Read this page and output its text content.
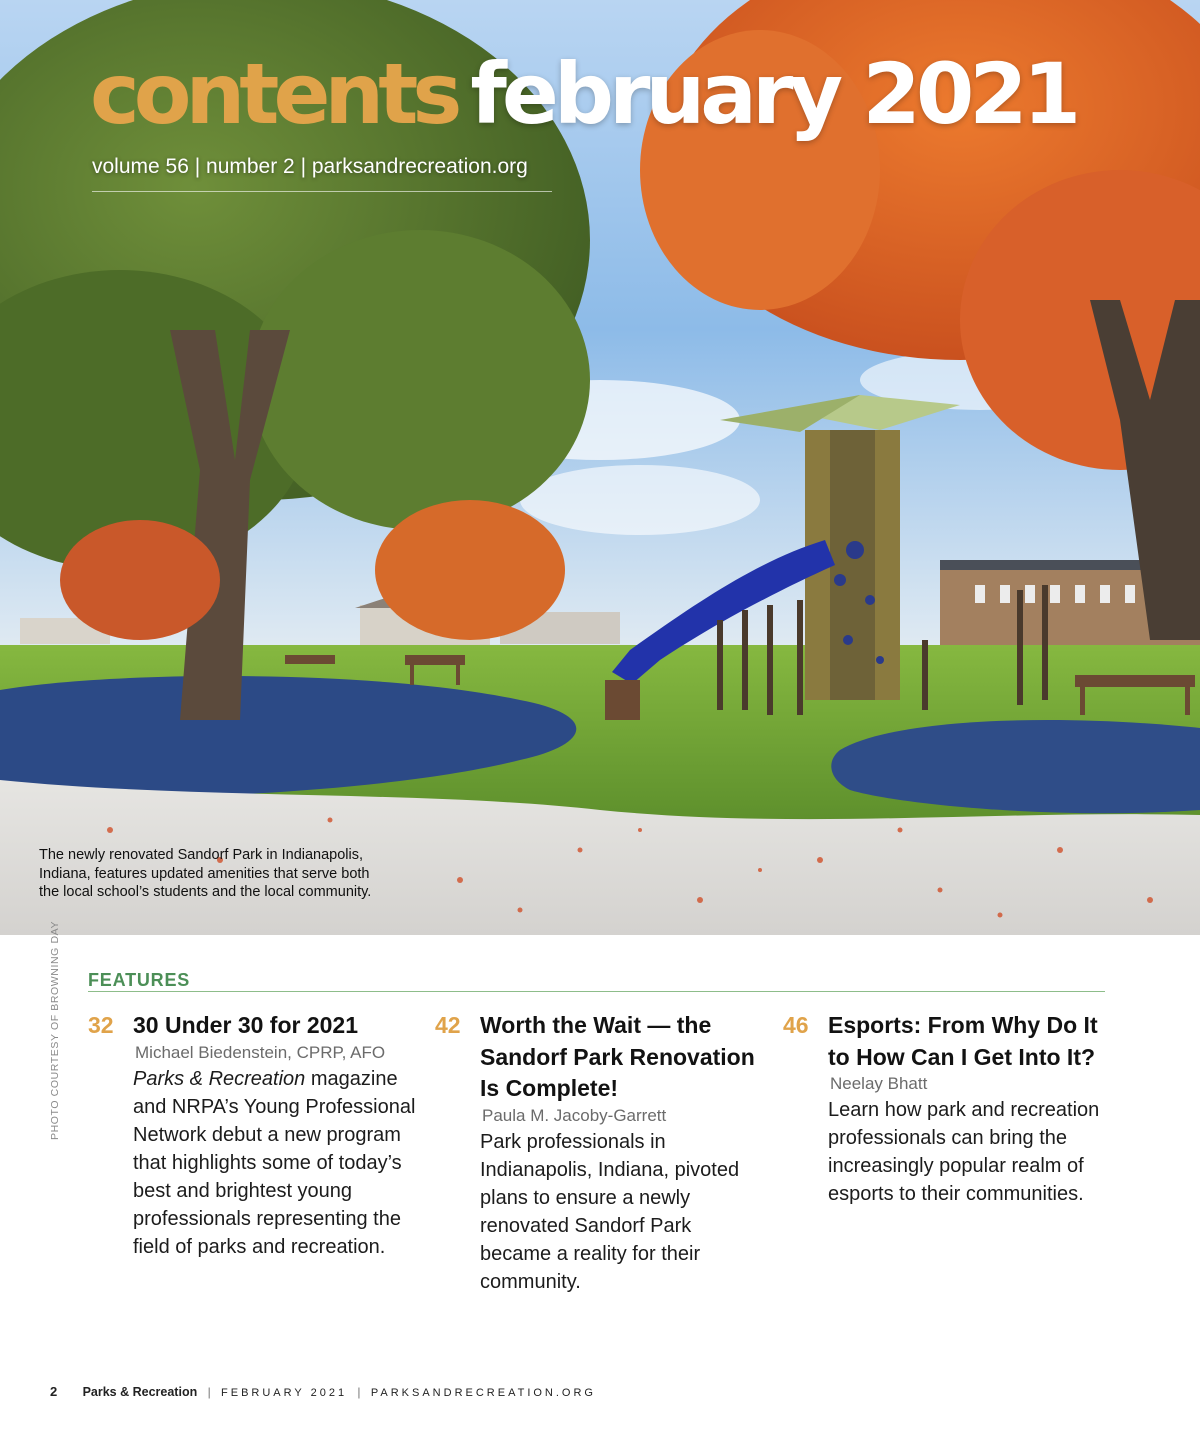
contents february 2021
volume 56 | number 2 | parksandrecreation.org
The newly renovated Sandorf Park in Indianapolis, Indiana, features updated amenities that serve both the local school’s students and the local community.
PHOTO COURTESY OF BROWNING DAY FEATURES
32 30 Under 30 for 2021

Michael Biedenstein, CPRP, AFO

Parks & Recreation magazine and NRPA’s Young Professional Network debut a new program that highlights some of today’s best and brightest young professionals representing the field of parks and recreation.

42 Worth the Wait — the Sandorf Park Renovation Is Complete!

Paula M. Jacoby-Garrett

Park professionals in Indianapolis, Indiana, pivoted plans to ensure a newly renovated Sandorf Park became a reality for their community.

46 Esports: From Why Do It to How Can I Get Into It?

Neelay Bhatt

Learn how park and recreation professionals can bring the increasingly popular realm of esports to their communities.

2 Parks & Recreation | FEBRUARY 2021 | PARKSANDRECREATION.ORG
